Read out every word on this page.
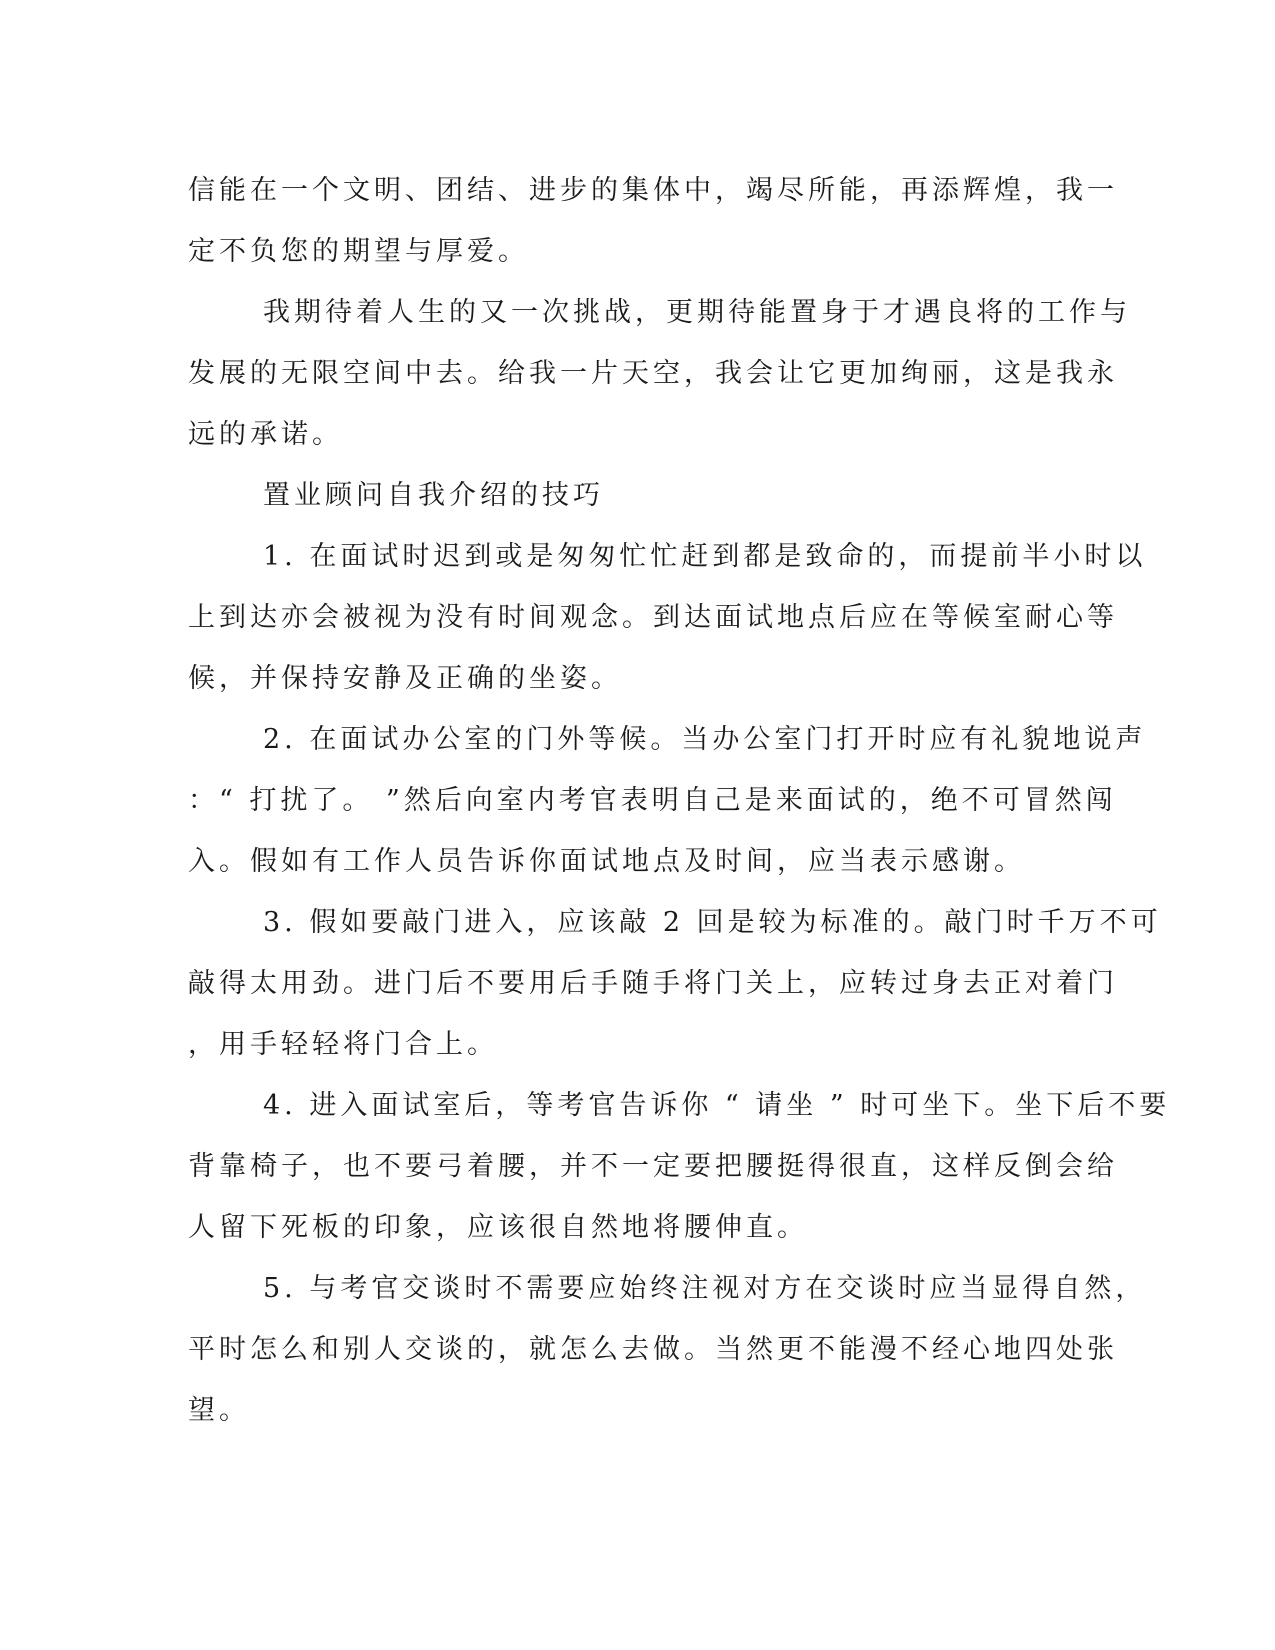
信能在一个文明、团结、进步的集体中，竭尽所能，再添辉煌，我一
定不负您的期望与厚爱。
我期待着人生的又一次挑战，更期待能置身于才遇良将的工作与
发展的无限空间中去。给我一片天空，我会让它更加绚丽，这是我永
远的承诺。
置业顾问自我介绍的技巧
1. 在面试时迟到或是匆匆忙忙赶到都是致命的，而提前半小时以
上到达亦会被视为没有时间观念。到达面试地点后应在等候室耐心等
候，并保持安静及正确的坐姿。
2. 在面试办公室的门外等候。当办公室门打开时应有礼貌地说声
：“ 打扰了。 ”然后向室内考官表明自己是来面试的，绝不可冒然闯
入。假如有工作人员告诉你面试地点及时间，应当表示感谢。
3. 假如要敲门进入，应该敲 2 回是较为标准的。敲门时千万不可
敲得太用劲。进门后不要用后手随手将门关上，应转过身去正对着门
，用手轻轻将门合上。
4. 进入面试室后，等考官告诉你 “ 请坐 ” 时可坐下。坐下后不要
背靠椅子，也不要弓着腰，并不一定要把腰挺得很直，这样反倒会给
人留下死板的印象，应该很自然地将腰伸直。
5. 与考官交谈时不需要应始终注视对方在交谈时应当显得自然，
平时怎么和别人交谈的，就怎么去做。当然更不能漫不经心地四处张
望。
